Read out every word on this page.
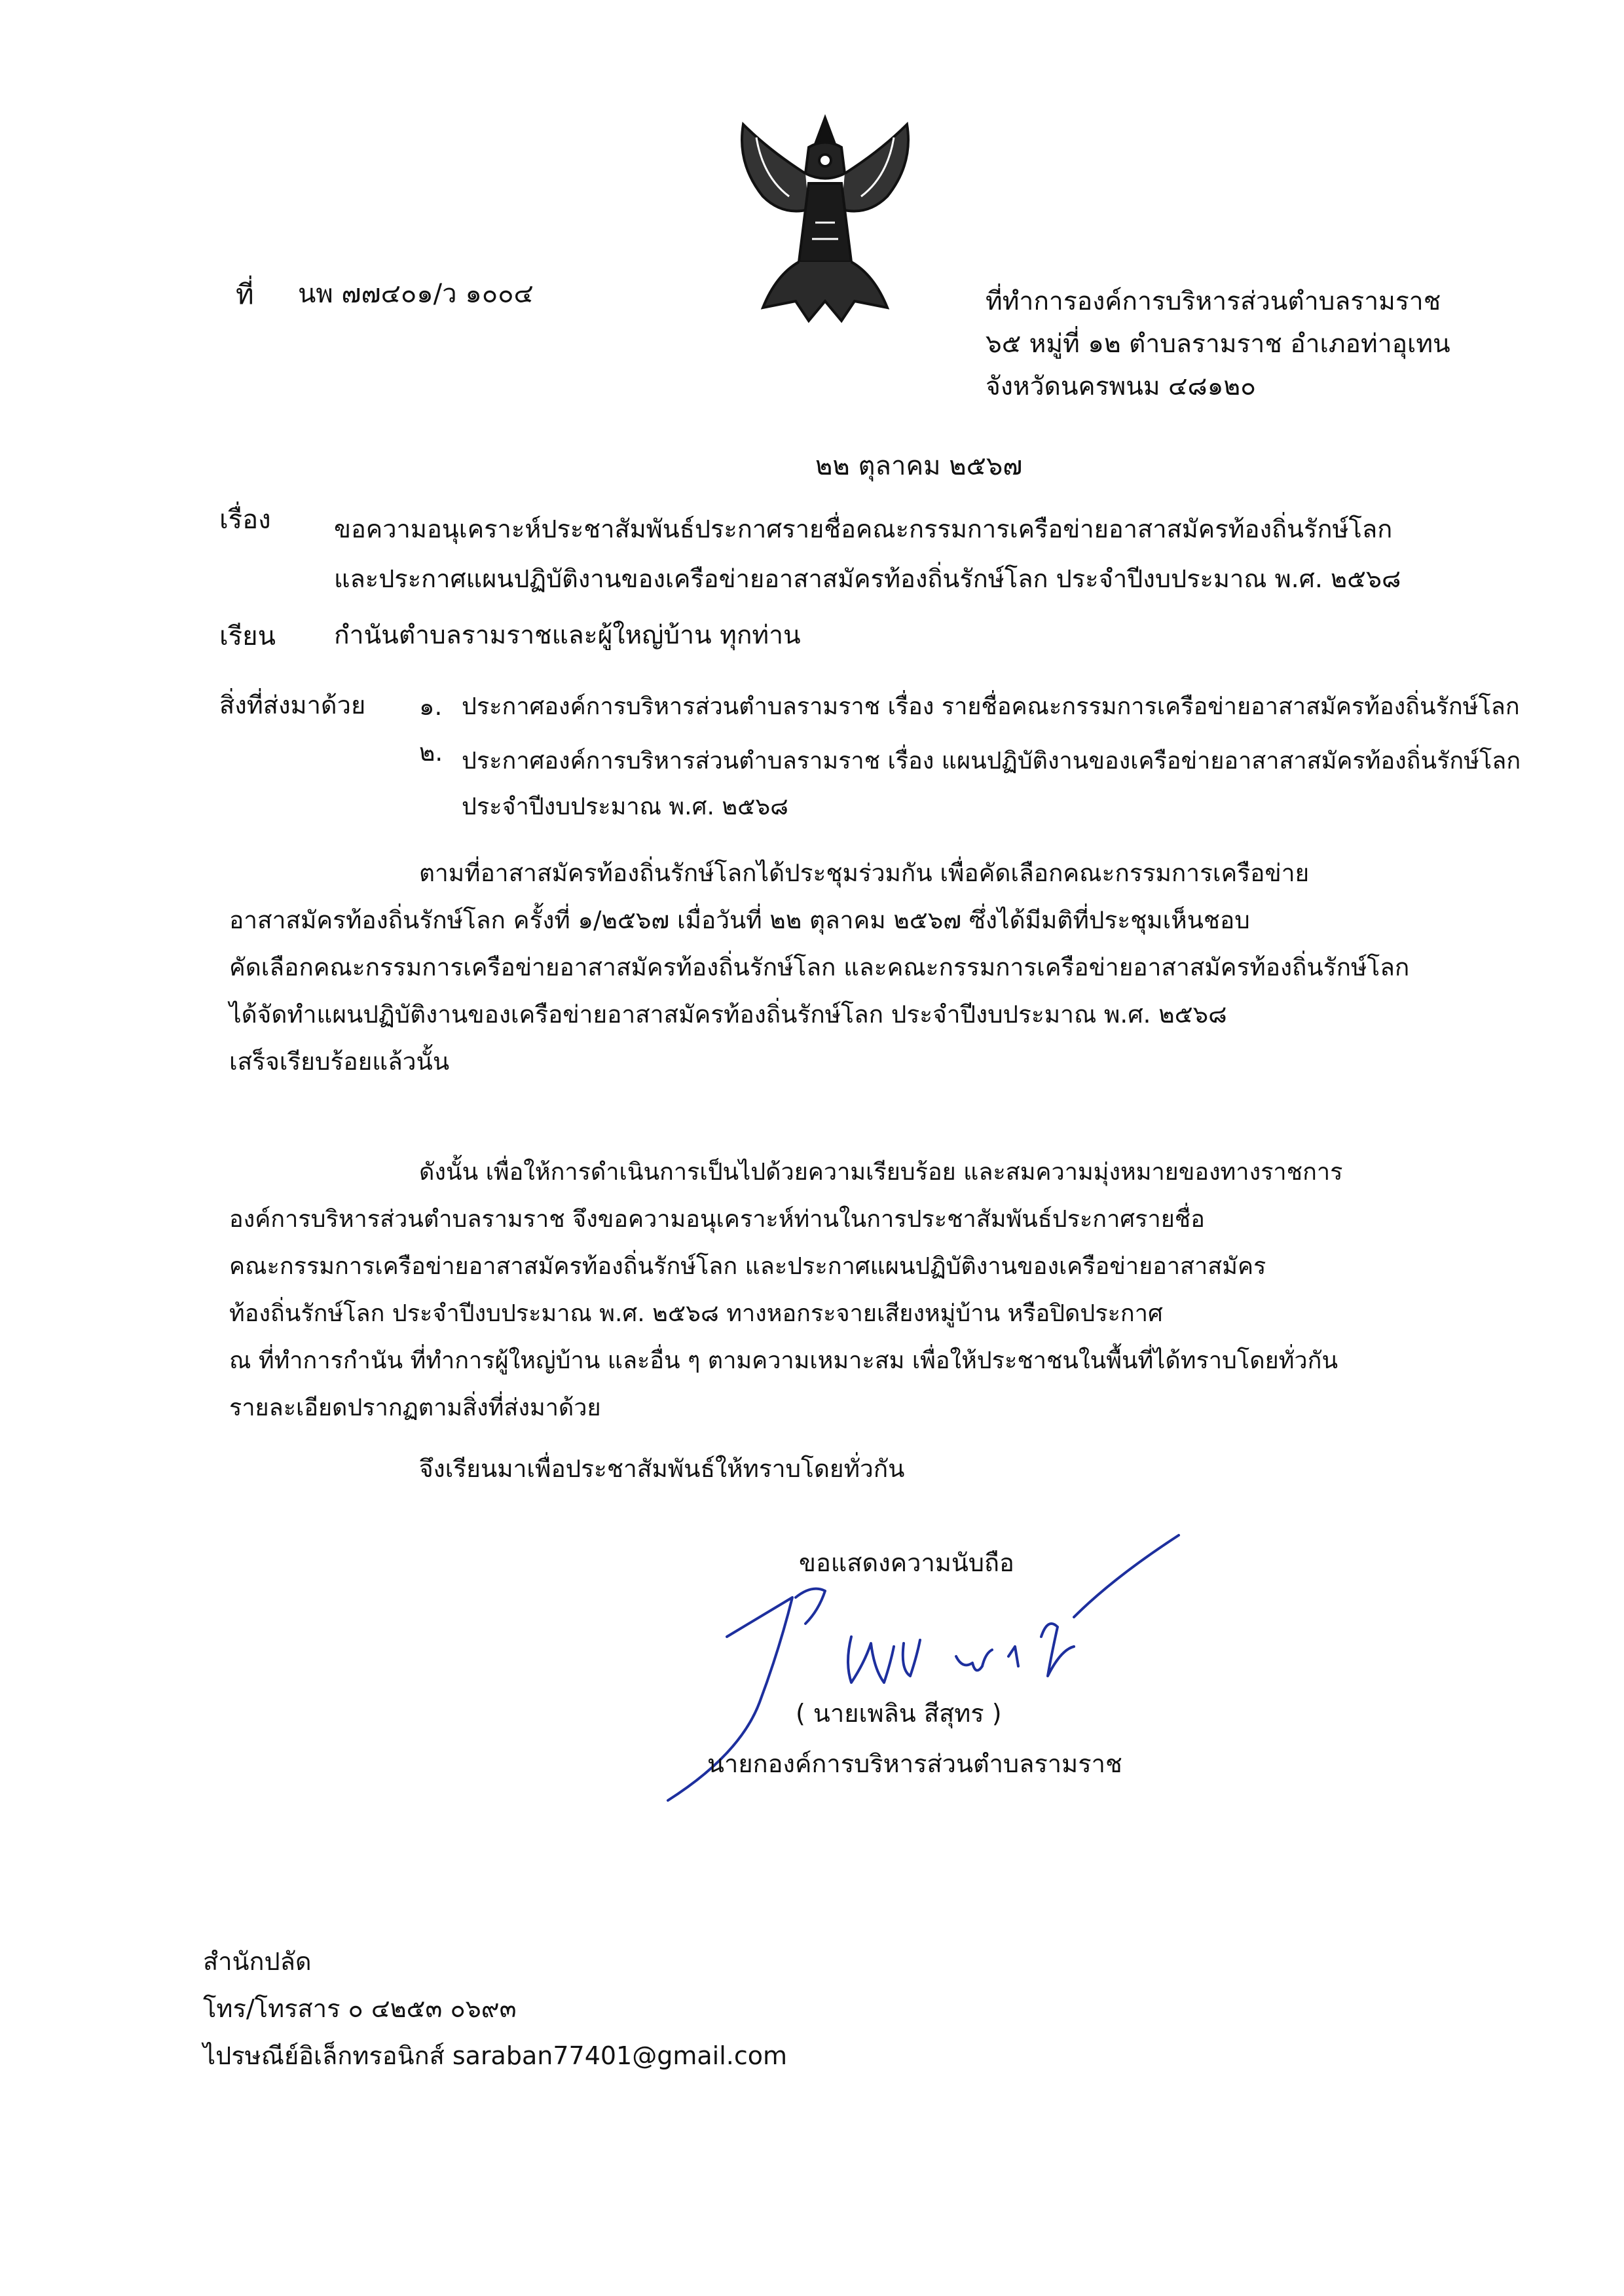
ที่ นพ ๗๗๔๐๑/ว ๑๐๐๔	ที่ทำการองค์การบริหารส่วนตำบลรามราช
๖๕ หมู่ที่ ๑๒ ตำบลรามราช อำเภอท่าอุเทน
จังหวัดนครพนม ๔๘๑๒๐
๒๒ ตุลาคม ๒๕๖๗
เรื่อง	ขอความอนุเคราะห์ประชาสัมพันธ์ประกาศรายชื่อคณะกรรมการเครือข่ายอาสาสมัครท้องถิ่นรักษ์โลก
และประกาศแผนปฏิบัติงานของเครือข่ายอาสาสมัครท้องถิ่นรักษ์โลก ประจำปีงบประมาณ พ.ศ. ๒๕๖๘
เรียน กำนันตำบลรามราชและผู้ใหญ่บ้าน ทุกท่าน
สิ่งที่ส่งมาด้วย ๑. ประกาศองค์การบริหารส่วนตำบลรามราช เรื่อง รายชื่อคณะกรรมการเครือข่ายอาสาสมัครท้องถิ่นรักษ์โลก
๒. ประกาศองค์การบริหารส่วนตำบลรามราช เรื่อง แผนปฏิบัติงานของเครือข่ายอาสาสาสมัครท้องถิ่นรักษ์โลก
ประจำปีงบประมาณ พ.ศ. ๒๕๖๘
ตามที่อาสาสมัครท้องถิ่นรักษ์โลกได้ประชุมร่วมกัน เพื่อคัดเลือกคณะกรรมการเครือข่าย
อาสาสมัครท้องถิ่นรักษ์โลก ครั้งที่ ๑/๒๕๖๗ เมื่อวันที่ ๒๒ ตุลาคม ๒๕๖๗ ซึ่งได้มีมติที่ประชุมเห็นชอบ
คัดเลือกคณะกรรมการเครือข่ายอาสาสมัครท้องถิ่นรักษ์โลก และคณะกรรมการเครือข่ายอาสาสมัครท้องถิ่นรักษ์โลก
ได้จัดทำแผนปฏิบัติงานของเครือข่ายอาสาสมัครท้องถิ่นรักษ์โลก ประจำปีงบประมาณ พ.ศ. ๒๕๖๘
เสร็จเรียบร้อยแล้วนั้น
ดังนั้น เพื่อให้การดำเนินการเป็นไปด้วยความเรียบร้อย และสมความมุ่งหมายของทางราชการ
องค์การบริหารส่วนตำบลรามราช จึงขอความอนุเคราะห์ท่านในการประชาสัมพันธ์ประกาศรายชื่อ
คณะกรรมการเครือข่ายอาสาสมัครท้องถิ่นรักษ์โลก และประกาศแผนปฏิบัติงานของเครือข่ายอาสาสมัคร
ท้องถิ่นรักษ์โลก ประจำปีงบประมาณ พ.ศ. ๒๕๖๘ ทางหอกระจายเสียงหมู่บ้าน หรือปิดประกาศ
ณ ที่ทำการกำนัน ที่ทำการผู้ใหญ่บ้าน และอื่น ๆ ตามความเหมาะสม เพื่อให้ประชาชนในพื้นที่ได้ทราบโดยทั่วกัน
รายละเอียดปรากฏตามสิ่งที่ส่งมาด้วย
จึงเรียนมาเพื่อประชาสัมพันธ์ให้ทราบโดยทั่วกัน
ขอแสดงความนับถือ
( นายเพลิน สีสุทร )
นายกองค์การบริหารส่วนตำบลรามราช
สำนักปลัด
โทร/โทรสาร ๐ ๔๒๕๓ ๐๖๙๓
ไปรษณีย์อิเล็กทรอนิกส์ saraban77401@gmail.com
